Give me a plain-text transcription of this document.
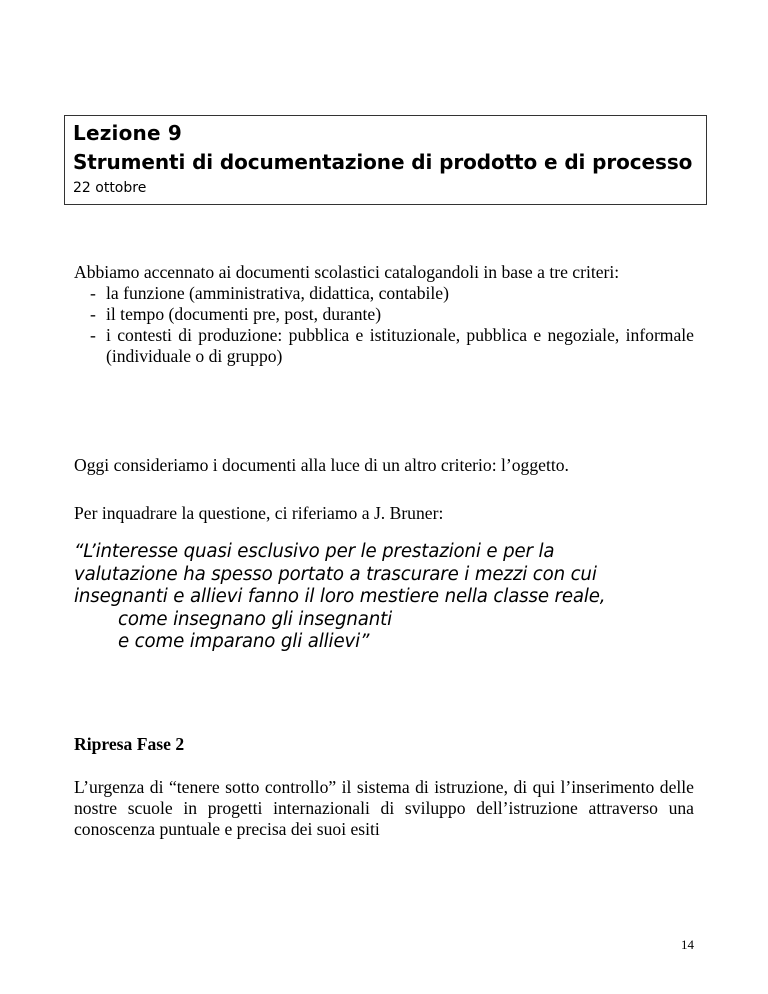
Lezione 9
Strumenti di documentazione di prodotto e di processo
22 ottobre
Abbiamo accennato ai documenti scolastici catalogandoli in base a tre criteri:
- la funzione (amministrativa, didattica, contabile)
- il tempo (documenti pre, post, durante)
- i contesti di produzione: pubblica e istituzionale, pubblica e negoziale, informale (individuale o di gruppo)
Oggi consideriamo i documenti alla luce di un altro criterio: l’oggetto.
Per inquadrare la questione, ci riferiamo a J. Bruner:
“L’interesse quasi esclusivo per le prestazioni e per la
valutazione ha spesso portato a trascurare i mezzi con cui
insegnanti e allievi fanno il loro mestiere nella classe reale,
come insegnano gli insegnanti
e come imparano gli allievi”
Ripresa Fase 2
L’urgenza di “tenere sotto controllo” il sistema di istruzione, di qui l’inserimento delle nostre scuole in progetti internazionali di sviluppo dell’istruzione attraverso una conoscenza puntuale e precisa dei suoi esiti
14
